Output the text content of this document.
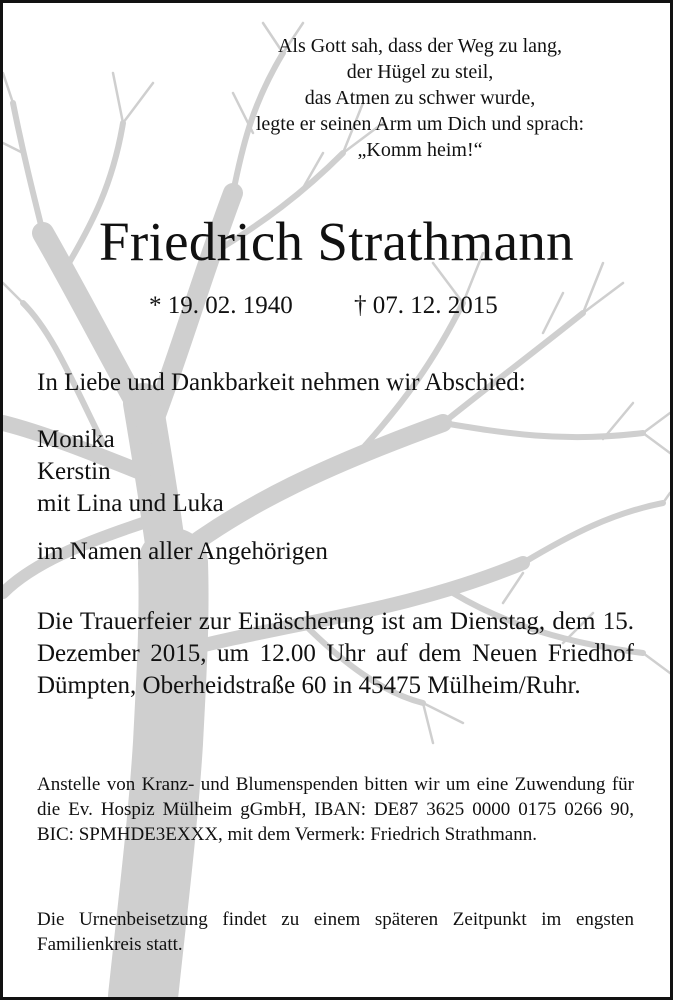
Als Gott sah, dass der Weg zu lang,
der Hügel zu steil,
das Atmen zu schwer wurde,
legte er seinen Arm um Dich und sprach:
„Komm heim!“
Friedrich Strathmann
* 19. 02. 1940 † 07. 12. 2015
In Liebe und Dankbarkeit nehmen wir Abschied:
Monika
Kerstin
mit Lina und Luka
im Namen aller Angehörigen
Die Trauerfeier zur Einäscherung ist am Dienstag, dem 15. Dezember 2015, um 12.00 Uhr auf dem Neuen Friedhof Dümpten, Oberheidstraße 60 in 45475 Mülheim/Ruhr.
Anstelle von Kranz- und Blumenspenden bitten wir um eine Zuwendung für die Ev. Hospiz Mülheim gGmbH, IBAN: DE87 3625 0000 0175 0266 90, BIC: SPMHDE3EXXX, mit dem Vermerk: Friedrich Strathmann.
Die Urnenbeisetzung findet zu einem späteren Zeitpunkt im engsten Familienkreis statt.
